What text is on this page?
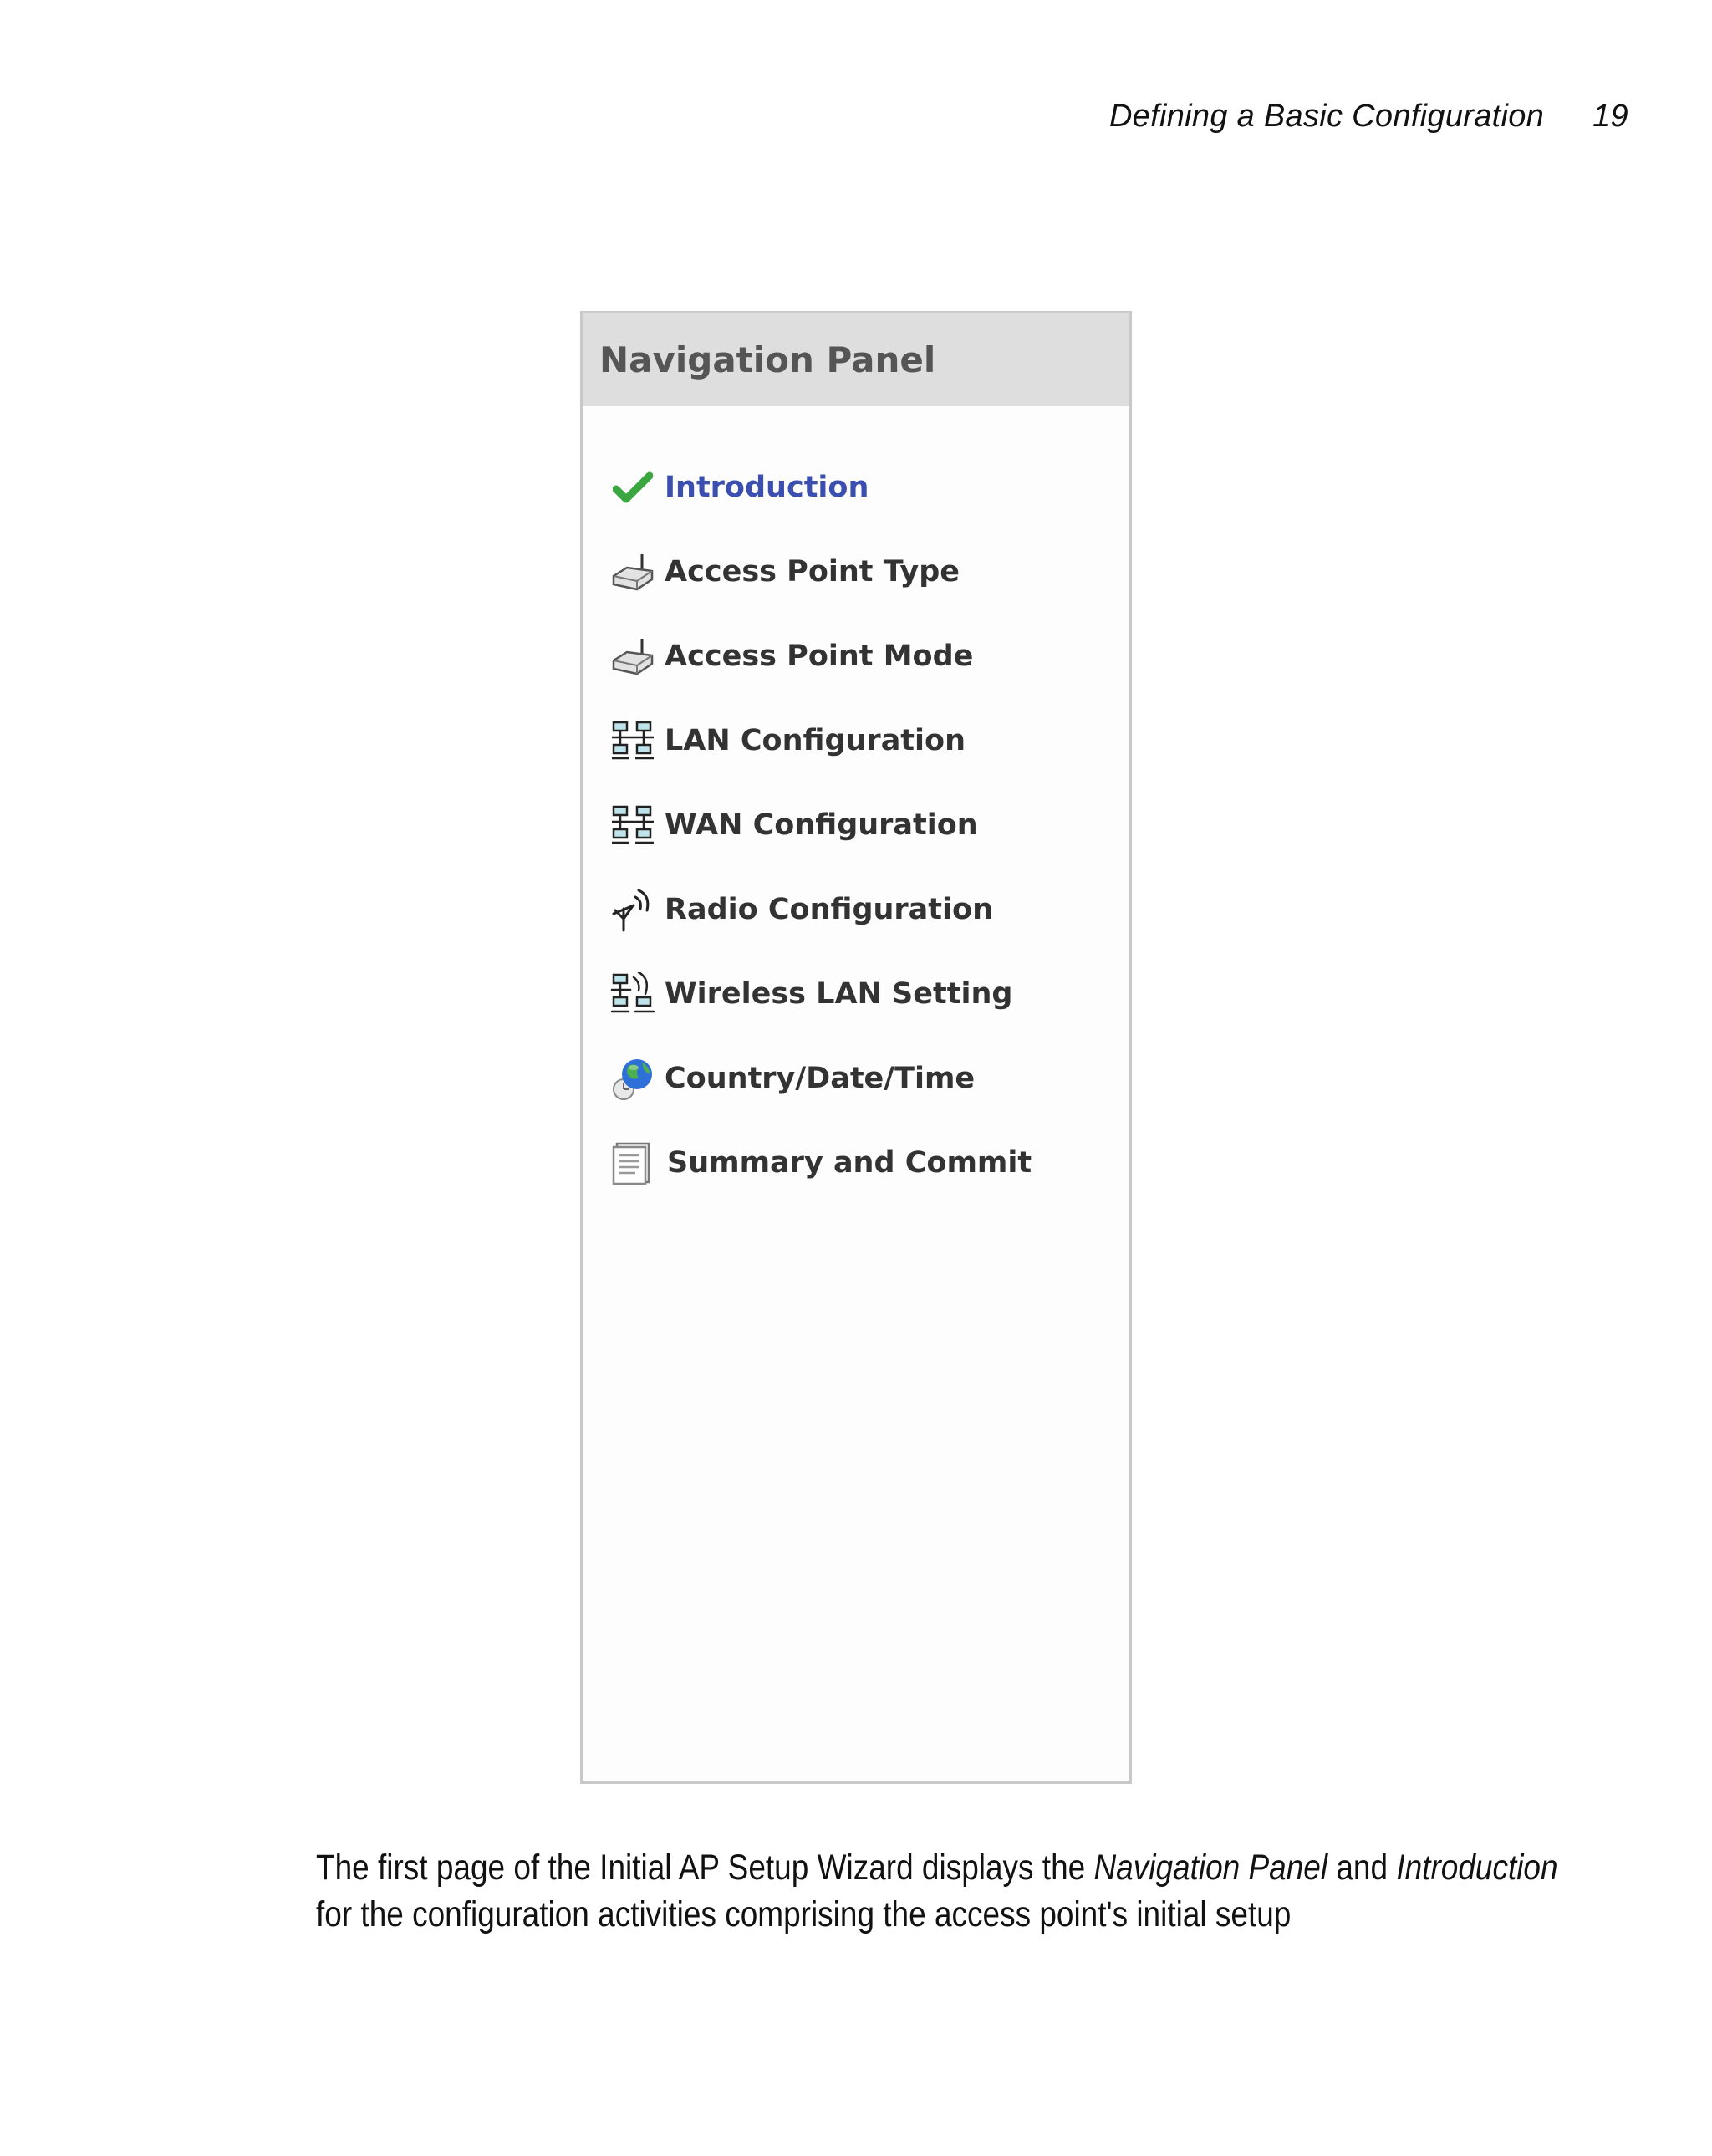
Defining a Basic Configuration 19
Navigation Panel
Introduction
Access Point Type
Access Point Mode
LAN Configuration
WAN Configuration
Radio Configuration
Wireless LAN Setting
Country/Date/Time
Summary and Commit

The first page of the Initial AP Setup Wizard displays the Navigation Panel and Introduction
for the configuration activities comprising the access point's initial setup
